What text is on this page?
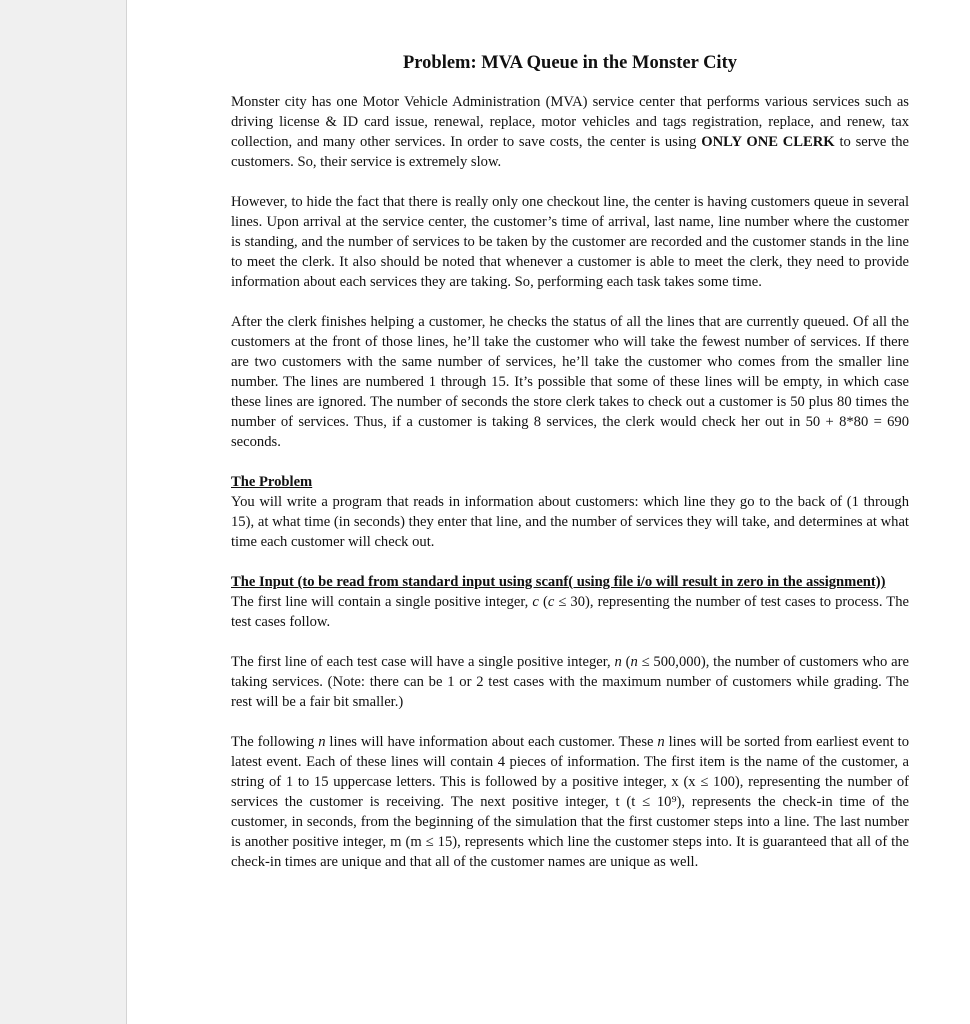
Problem: MVA Queue in the Monster City

Monster city has one Motor Vehicle Administration (MVA) service center that performs various services such as driving license & ID card issue, renewal, replace, motor vehicles and tags registration, replace, and renew, tax collection, and many other services. In order to save costs, the center is using ONLY ONE CLERK to serve the customers. So, their service is extremely slow.

However, to hide the fact that there is really only one checkout line, the center is having customers queue in several lines. Upon arrival at the service center, the customer’s time of arrival, last name, line number where the customer is standing, and the number of services to be taken by the customer are recorded and the customer stands in the line to meet the clerk. It also should be noted that whenever a customer is able to meet the clerk, they need to provide information about each services they are taking. So, performing each task takes some time.

After the clerk finishes helping a customer, he checks the status of all the lines that are currently queued. Of all the customers at the front of those lines, he’ll take the customer who will take the fewest number of services. If there are two customers with the same number of services, he’ll take the customer who comes from the smaller line number. The lines are numbered 1 through 15. It’s possible that some of these lines will be empty, in which case these lines are ignored. The number of seconds the store clerk takes to check out a customer is 50 plus 80 times the number of services. Thus, if a customer is taking 8 services, the clerk would check her out in 50 + 8*80 = 690 seconds.

The Problem

You will write a program that reads in information about customers: which line they go to the back of (1 through 15), at what time (in seconds) they enter that line, and the number of services they will take, and determines at what time each customer will check out.

The Input (to be read from standard input using scanf( using file i/o will result in zero in the assignment))

The first line will contain a single positive integer, c (c ≤ 30), representing the number of test cases to process. The test cases follow.

The first line of each test case will have a single positive integer, n (n ≤ 500,000), the number of customers who are taking services. (Note: there can be 1 or 2 test cases with the maximum number of customers while grading. The rest will be a fair bit smaller.)

The following n lines will have information about each customer. These n lines will be sorted from earliest event to latest event. Each of these lines will contain 4 pieces of information. The first item is the name of the customer, a string of 1 to 15 uppercase letters. This is followed by a positive integer, x (x ≤ 100), representing the number of services the customer is receiving. The next positive integer, t (t ≤ 10⁹), represents the check-in time of the customer, in seconds, from the beginning of the simulation that the first customer steps into a line. The last number is another positive integer, m (m ≤ 15), represents which line the customer steps into. It is guaranteed that all of the check-in times are unique and that all of the customer names are unique as well.
